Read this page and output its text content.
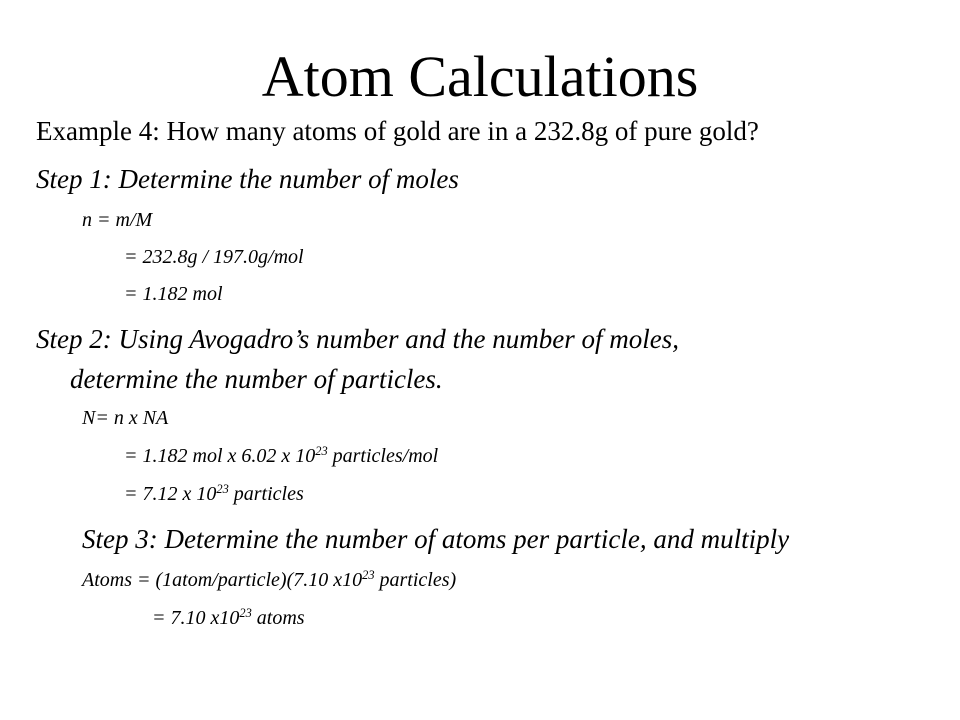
Atom Calculations
Example 4: How many atoms of gold are in a 232.8g of pure gold?
Step 1: Determine the number of moles
n = m/M
= 232.8g / 197.0g/mol
= 1.182 mol
Step 2: Using Avogadro’s number and the number of moles,
determine the number of particles.
N= n x NA
= 1.182 mol x 6.02 x $10^{23}$ particles/mol
= 7.12 x $10^{23}$ particles
Step 3: Determine the number of atoms per particle, and multiply
Atoms = (1atom/particle)(7.10 $x10^{23}$ particles)
= 7.10 $x10^{23}$ atoms
